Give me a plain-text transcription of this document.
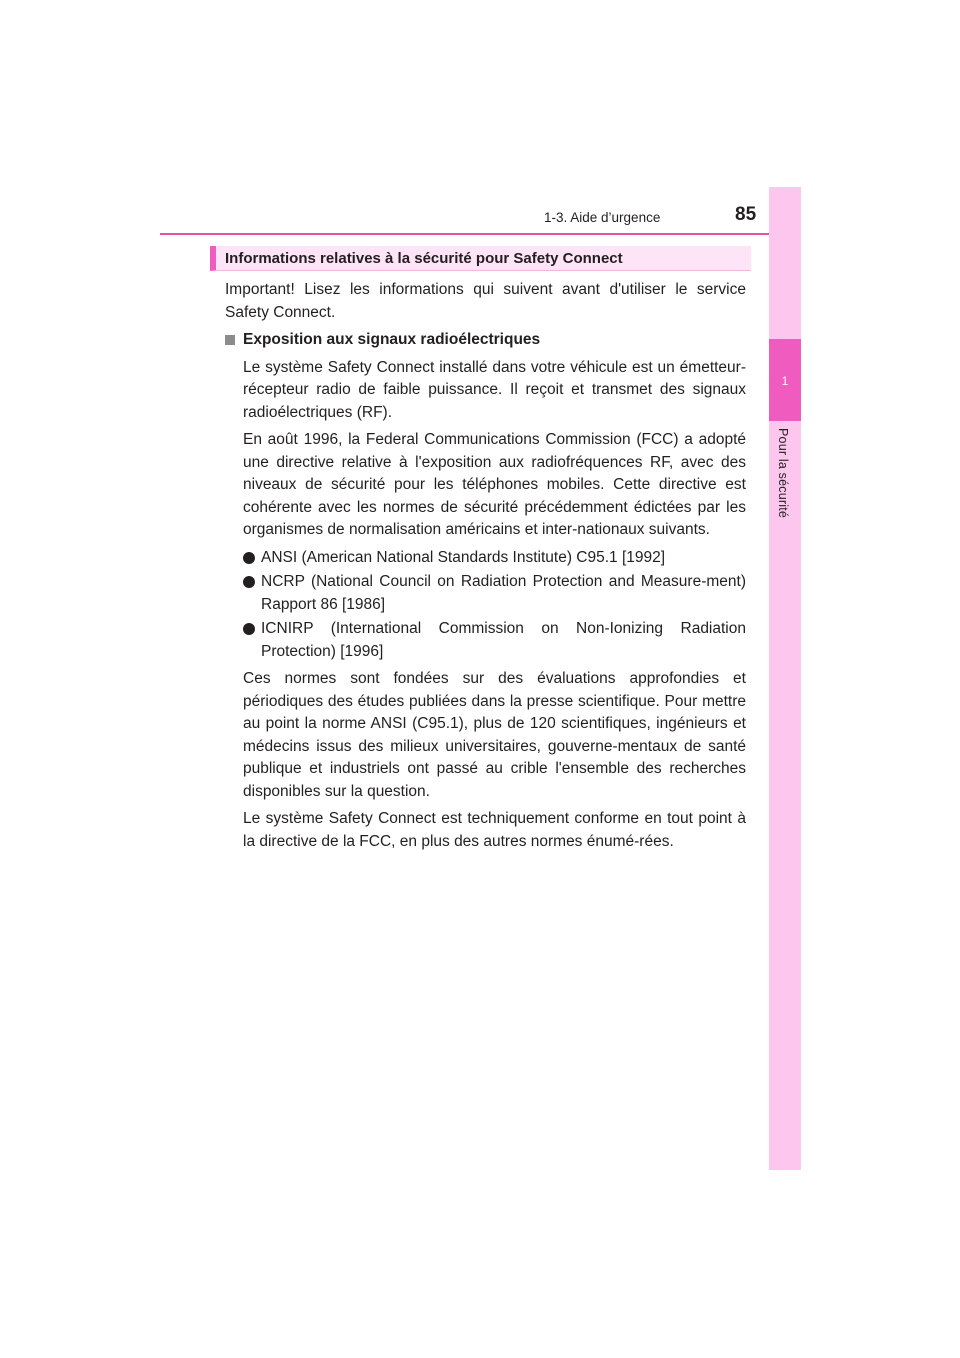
1-3. Aide d’urgence	85
1
Pour la sécurité
Informations relatives à la sécurité pour Safety Connect

Important! Lisez les informations qui suivent avant d'utiliser le service Safety Connect.

Exposition aux signaux radioélectriques

Le système Safety Connect installé dans votre véhicule est un émetteur-récepteur radio de faible puissance. Il reçoit et transmet des signaux radioélectriques (RF).

En août 1996, la Federal Communications Commission (FCC) a adopté une directive relative à l'exposition aux radiofréquences RF, avec des niveaux de sécurité pour les téléphones mobiles. Cette directive est cohérente avec les normes de sécurité précédemment édictées par les organismes de normalisation américains et inter-nationaux suivants.

ANSI (American National Standards Institute) C95.1 [1992]
NCRP (National Council on Radiation Protection and Measure-ment) Rapport 86 [1986]
ICNIRP (International Commission on Non-Ionizing Radiation Protection) [1996]

Ces normes sont fondées sur des évaluations approfondies et périodiques des études publiées dans la presse scientifique. Pour mettre au point la norme ANSI (C95.1), plus de 120 scientifiques, ingénieurs et médecins issus des milieux universitaires, gouverne-mentaux de santé publique et industriels ont passé au crible l'ensemble des recherches disponibles sur la question.

Le système Safety Connect est techniquement conforme en tout point à la directive de la FCC, en plus des autres normes énumé-rées.
